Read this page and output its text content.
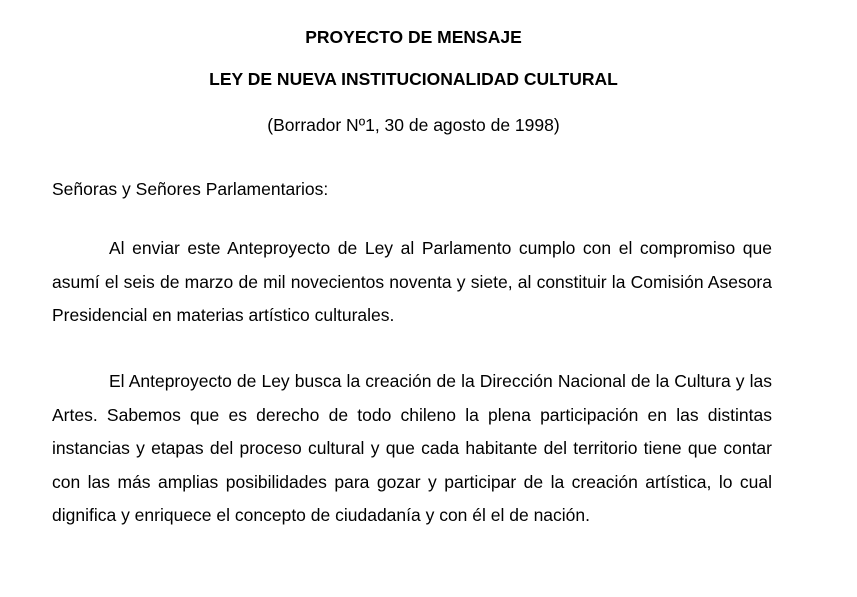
PROYECTO DE MENSAJE
LEY DE NUEVA INSTITUCIONALIDAD CULTURAL
(Borrador Nº1, 30 de agosto de 1998)
Señoras y Señores Parlamentarios:

Al enviar este Anteproyecto de Ley al Parlamento cumplo con el compromiso que asumí el seis de marzo de mil novecientos noventa y siete, al constituir la Comisión Asesora Presidencial en materias artístico culturales.

El Anteproyecto de Ley busca la creación de la Dirección Nacional de la Cultura y las Artes. Sabemos que es derecho de todo chileno la plena participación en las distintas instancias y etapas del proceso cultural y que cada habitante del territorio tiene que contar con las más amplias posibilidades para gozar y participar de la creación artística, lo cual dignifica y enriquece el concepto de ciudadanía y con él el de nación.
